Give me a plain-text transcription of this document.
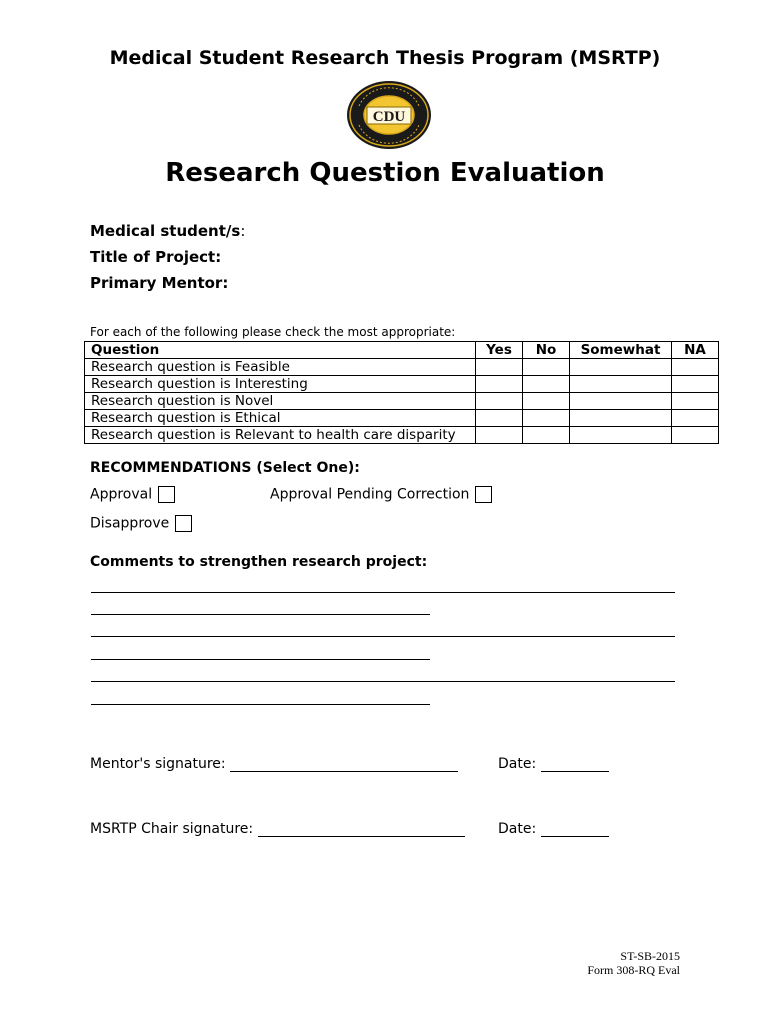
Medical Student Research Thesis Program (MSRTP)
CDU
Research Question Evaluation
Medical student/s:
Title of Project:
Primary Mentor:
For each of the following please check the most appropriate:
Question	Yes	No	Somewhat	NA
Research question is Feasible				
Research question is Interesting				
Research question is Novel				
Research question is Ethical				
Research question is Relevant to health care disparity				
RECOMMENDATIONS (Select One):
Approval	Approval Pending Correction
Disapprove
Comments to strengthen research project:
Mentor's signature:	Date:
MSRTP Chair signature:	Date:
ST-SB-2015
Form 308-RQ Eval
